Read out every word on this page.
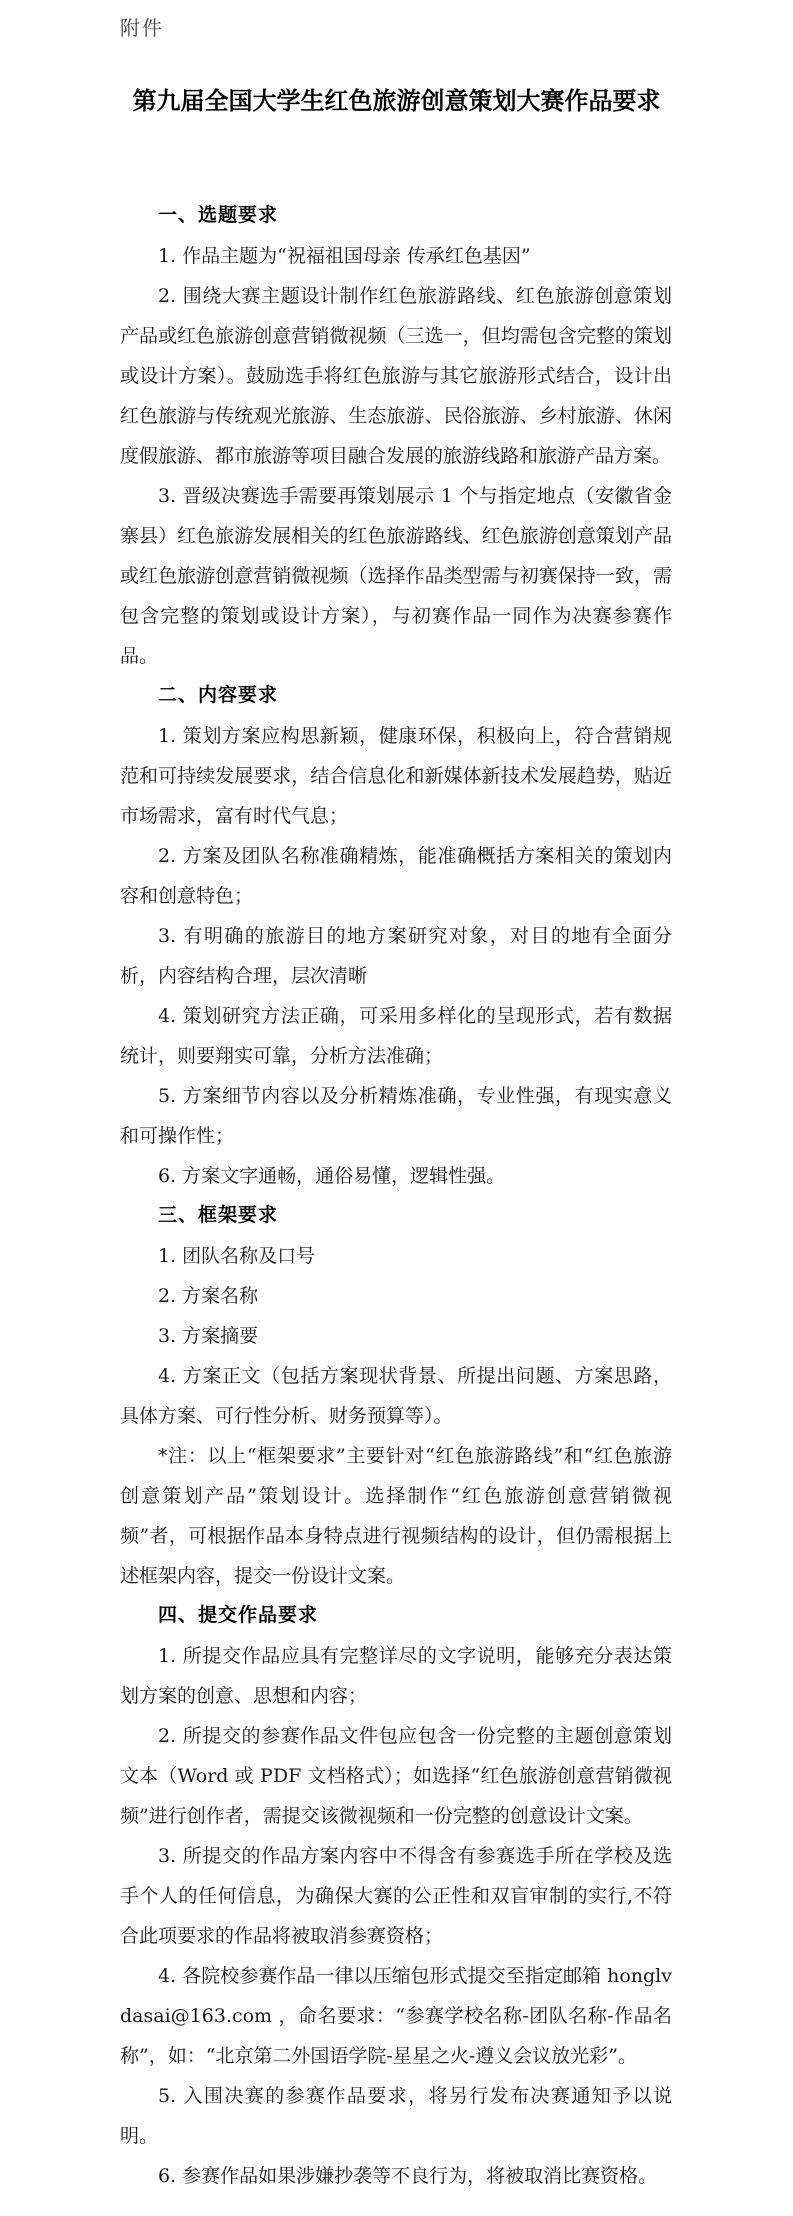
附件
第九届全国大学生红色旅游创意策划大赛作品要求
一、选题要求

1. 作品主题为“祝福祖国母亲 传承红色基因”

2. 围绕大赛主题设计制作红色旅游路线、红色旅游创意策划产品或红色旅游创意营销微视频（三选一，但均需包含完整的策划或设计方案）。鼓励选手将红色旅游与其它旅游形式结合，设计出红色旅游与传统观光旅游、生态旅游、民俗旅游、乡村旅游、休闲度假旅游、都市旅游等项目融合发展的旅游线路和旅游产品方案。

3. 晋级决赛选手需要再策划展示 1 个与指定地点（安徽省金寨县）红色旅游发展相关的红色旅游路线、红色旅游创意策划产品或红色旅游创意营销微视频（选择作品类型需与初赛保持一致，需包含完整的策划或设计方案），与初赛作品一同作为决赛参赛作品。

二、内容要求

1. 策划方案应构思新颖，健康环保，积极向上，符合营销规范和可持续发展要求，结合信息化和新媒体新技术发展趋势，贴近市场需求，富有时代气息；

2. 方案及团队名称准确精炼，能准确概括方案相关的策划内容和创意特色；

3. 有明确的旅游目的地方案研究对象，对目的地有全面分析，内容结构合理，层次清晰

4. 策划研究方法正确，可采用多样化的呈现形式，若有数据统计，则要翔实可靠，分析方法准确；

5. 方案细节内容以及分析精炼准确，专业性强，有现实意义和可操作性；

6. 方案文字通畅，通俗易懂，逻辑性强。

三、框架要求

1. 团队名称及口号

2. 方案名称

3. 方案摘要

4. 方案正文（包括方案现状背景、所提出问题、方案思路，具体方案、可行性分析、财务预算等）。

*注：以上“框架要求”主要针对“红色旅游路线”和“红色旅游创意策划产品”策划设计。选择制作“红色旅游创意营销微视频”者，可根据作品本身特点进行视频结构的设计，但仍需根据上述框架内容，提交一份设计文案。

四、提交作品要求

1. 所提交作品应具有完整详尽的文字说明，能够充分表达策划方案的创意、思想和内容；

2. 所提交的参赛作品文件包应包含一份完整的主题创意策划文本（Word 或 PDF 文档格式）；如选择“红色旅游创意营销微视频”进行创作者，需提交该微视频和一份完整的创意设计文案。

3. 所提交的作品方案内容中不得含有参赛选手所在学校及选手个人的任何信息，为确保大赛的公正性和双盲审制的实行,不符合此项要求的作品将被取消参赛资格；

4. 各院校参赛作品一律以压缩包形式提交至指定邮箱 honglvdasai@163.com ，命名要求：“参赛学校名称-团队名称-作品名称”，如：“北京第二外国语学院-星星之火-遵义会议放光彩”。

5. 入围决赛的参赛作品要求，将另行发布决赛通知予以说明。

6. 参赛作品如果涉嫌抄袭等不良行为，将被取消比赛资格。
